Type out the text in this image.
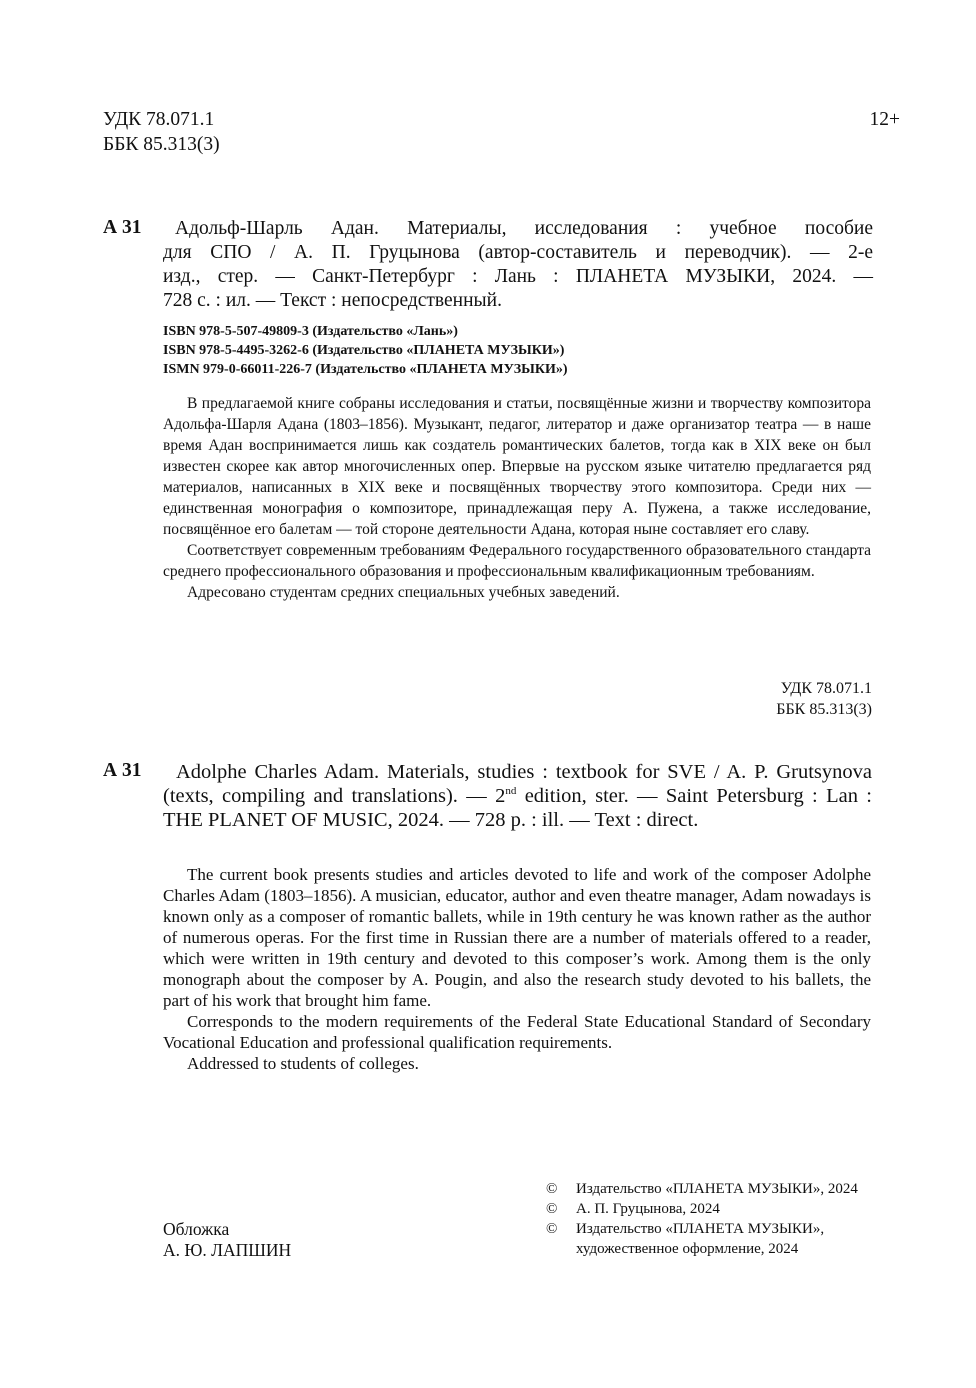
УДК 78.071.1
ББК 85.313(3)
12+
А 31	Адольф-Шарль Адан. Материалы, исследования : учебное пособие
для СПО / А. П. Груцынова (автор-составитель и переводчик). — 2-е
изд., стер. — Санкт-Петербург : Лань : ПЛАНЕТА МУЗЫКИ, 2024. —
728 с. : ил. — Текст : непосредственный.
ISBN 978-5-507-49809-3 (Издательство «Лань»)
ISBN 978-5-4495-3262-6 (Издательство «ПЛАНЕТА МУЗЫКИ»)
ISMN 979-0-66011-226-7 (Издательство «ПЛАНЕТА МУЗЫКИ»)

В предлагаемой книге собраны исследования и статьи, посвящённые жизни и творчеству композитора Адольфа-Шарля Адана (1803–1856). Музыкант, педагог, литератор и даже организатор театра — в наше время Адан воспринимается лишь как создатель романтических балетов, тогда как в XIX веке он был известен скорее как автор многочисленных опер. Впервые на русском языке читателю предлагается ряд материалов, написанных в XIX веке и посвящённых творчеству этого композитора. Среди них — единственная монография о композиторе, принадлежащая перу А. Пужена, а также исследование, посвящённое его балетам — той стороне деятельности Адана, которая ныне составляет его славу.

Соответствует современным требованиям Федерального государственного образовательного стандарта среднего профессионального образования и профессиональным квалификационным требованиям.

Адресовано студентам средних специальных учебных заведений.

УДК 78.071.1
ББК 85.313(3)
А 31	Adolphe Charles Adam. Materials, studies : textbook for SVE / A. P. Grutsynova (texts, compiling and translations). — 2nd edition, ster. — Saint Petersburg : Lan : THE PLANET OF MUSIC, 2024. — 728 p. : ill. — Text : direct.

The current book presents studies and articles devoted to life and work of the composer Adolphe Charles Adam (1803–1856). A musician, educator, author and even theatre manager, Adam nowadays is known only as a composer of romantic ballets, while in 19th century he was known rather as the author of numerous operas. For the first time in Russian there are a number of materials offered to a reader, which were written in 19th century and devoted to this composer’s work. Among them is the only monograph about the composer by A. Pougin, and also the research study devoted to his ballets, the part of his work that brought him fame.

Corresponds to the modern requirements of the Federal State Educational Standard of Secondary Vocational Education and professional qualification requirements.

Addressed to students of colleges.

Обложка
А. Ю. ЛАПШИН
©	Издательство «ПЛАНЕТА МУЗЫКИ», 2024
©	А. П. Груцынова, 2024
©	Издательство «ПЛАНЕТА МУЗЫКИ»,
художественное оформление, 2024
